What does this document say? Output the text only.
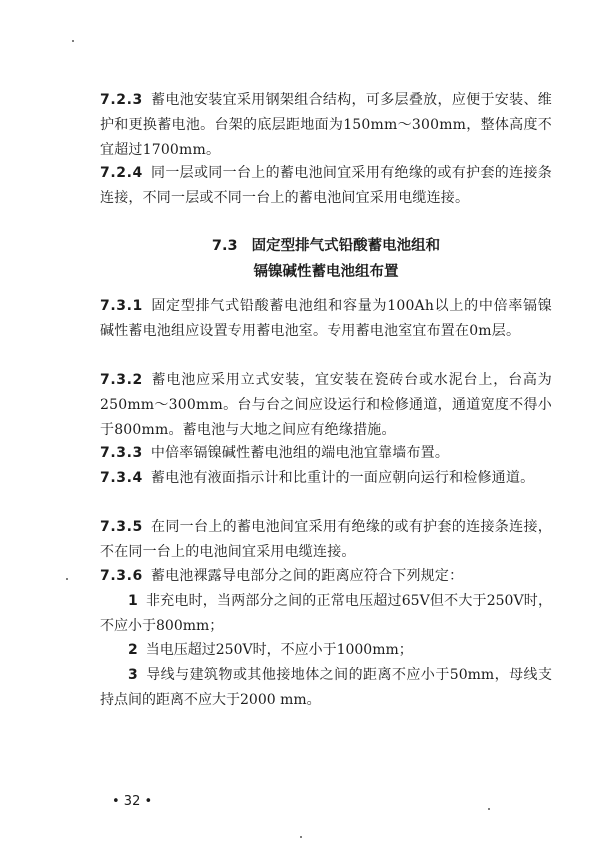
7.2.3 蓄电池安装宜采用钢架组合结构，可多层叠放，应便于安装、维护和更换蓄电池。台架的底层距地面为150mm～300mm，整体高度不宜超过1700mm。

7.2.4 同一层或同一台上的蓄电池间宜采用有绝缘的或有护套的连接条连接，不同一层或不同一台上的蓄电池间宜采用电缆连接。

7.3 固定型排气式铅酸蓄电池组和
镉镍碱性蓄电池组布置

7.3.1 固定型排气式铅酸蓄电池组和容量为100Ah以上的中倍率镉镍碱性蓄电池组应设置专用蓄电池室。专用蓄电池室宜布置在0m层。

7.3.2 蓄电池应采用立式安装，宜安装在瓷砖台或水泥台上，台高为250mm～300mm。台与台之间应设运行和检修通道，通道宽度不得小于800mm。蓄电池与大地之间应有绝缘措施。

7.3.3 中倍率镉镍碱性蓄电池组的端电池宜靠墙布置。

7.3.4 蓄电池有液面指示计和比重计的一面应朝向运行和检修通道。

7.3.5 在同一台上的蓄电池间宜采用有绝缘的或有护套的连接条连接，不在同一台上的电池间宜采用电缆连接。

7.3.6 蓄电池裸露导电部分之间的距离应符合下列规定：

1 非充电时，当两部分之间的正常电压超过65V但不大于250V时，不应小于800mm；

2 当电压超过250V时，不应小于1000mm；

3 导线与建筑物或其他接地体之间的距离不应小于50mm，母线支持点间的距离不应大于2000 mm。

• 32 •
